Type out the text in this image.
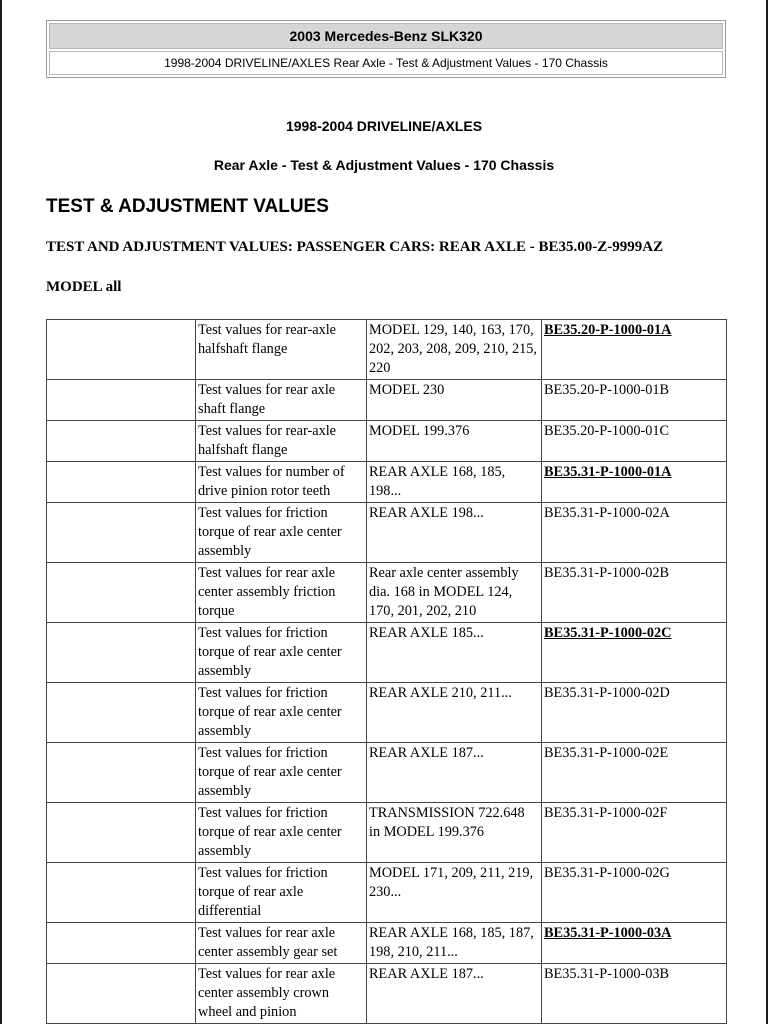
2003 Mercedes-Benz SLK320
1998-2004 DRIVELINE/AXLES Rear Axle - Test & Adjustment Values - 170 Chassis
1998-2004 DRIVELINE/AXLES
Rear Axle - Test & Adjustment Values - 170 Chassis
TEST & ADJUSTMENT VALUES
TEST AND ADJUSTMENT VALUES: PASSENGER CARS: REAR AXLE - BE35.00-Z-9999AZ
MODEL all
	Test values for rear-axle halfshaft flange	MODEL 129, 140, 163, 170, 202, 203, 208, 209, 210, 215, 220	BE35.20-P-1000-01A
	Test values for rear axle shaft flange	MODEL 230	BE35.20-P-1000-01B
	Test values for rear-axle halfshaft flange	MODEL 199.376	BE35.20-P-1000-01C
	Test values for number of drive pinion rotor teeth	REAR AXLE 168, 185, 198...	BE35.31-P-1000-01A
	Test values for friction torque of rear axle center assembly	REAR AXLE 198...	BE35.31-P-1000-02A
	Test values for rear axle center assembly friction torque	Rear axle center assembly dia. 168 in MODEL 124, 170, 201, 202, 210	BE35.31-P-1000-02B
	Test values for friction torque of rear axle center assembly	REAR AXLE 185...	BE35.31-P-1000-02C
	Test values for friction torque of rear axle center assembly	REAR AXLE 210, 211...	BE35.31-P-1000-02D
	Test values for friction torque of rear axle center assembly	REAR AXLE 187...	BE35.31-P-1000-02E
	Test values for friction torque of rear axle center assembly	TRANSMISSION 722.648 in MODEL 199.376	BE35.31-P-1000-02F
	Test values for friction torque of rear axle differential	MODEL 171, 209, 211, 219, 230...	BE35.31-P-1000-02G
	Test values for rear axle center assembly gear set	REAR AXLE 168, 185, 187, 198, 210, 211...	BE35.31-P-1000-03A
	Test values for rear axle center assembly crown wheel and pinion	REAR AXLE 187...	BE35.31-P-1000-03B
